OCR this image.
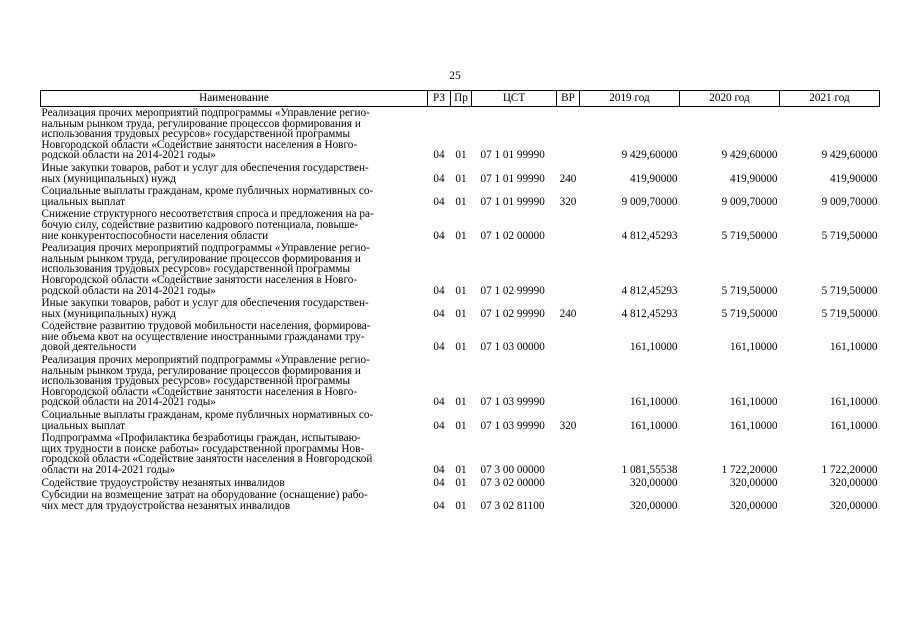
25
Наименование	РЗ	Пр	ЦСТ	ВР	2019 год	2020 год	2021 год
Реализация прочих мероприятий подпрограммы «Управление регио-
нальным рынком труда, регулирование процессов формирования и
использования трудовых ресурсов» государственной программы
Новгородской области «Содействие занятости населения в Новго-
родской области на 2014-2021 годы»	04	01	07 1 01 99990		9 429,60000	9 429,60000	9 429,60000
Иные закупки товаров, работ и услуг для обеспечения государствен-
ных (муниципальных) нужд	04	01	07 1 01 99990	240	419,90000	419,90000	419,90000
Социальные выплаты гражданам, кроме публичных нормативных со-
циальных выплат	04	01	07 1 01 99990	320	9 009,70000	9 009,70000	9 009,70000
Снижение структурного несоответствия спроса и предложения на ра-
бочую силу, содействие развитию кадрового потенциала, повыше-
ние конкурентоспособности населения области	04	01	07 1 02 00000		4 812,45293	5 719,50000	5 719,50000
Реализация прочих мероприятий подпрограммы «Управление регио-
нальным рынком труда, регулирование процессов формирования и
использования трудовых ресурсов» государственной программы
Новгородской области «Содействие занятости населения в Новго-
родской области на 2014-2021 годы»	04	01	07 1 02 99990		4 812,45293	5 719,50000	5 719,50000
Иные закупки товаров, работ и услуг для обеспечения государствен-
ных (муниципальных) нужд	04	01	07 1 02 99990	240	4 812,45293	5 719,50000	5 719,50000
Содействие развитию трудовой мобильности населения, формирова-
ние объема квот на осуществление иностранными гражданами тру-
довой деятельности	04	01	07 1 03 00000		161,10000	161,10000	161,10000
Реализация прочих мероприятий подпрограммы «Управление регио-
нальным рынком труда, регулирование процессов формирования и
использования трудовых ресурсов» государственной программы
Новгородской области «Содействие занятости населения в Новго-
родской области на 2014-2021 годы»	04	01	07 1 03 99990		161,10000	161,10000	161,10000
Социальные выплаты гражданам, кроме публичных нормативных со-
циальных выплат	04	01	07 1 03 99990	320	161,10000	161,10000	161,10000
Подпрограмма «Профилактика безработицы граждан, испытываю-
щих трудности в поиске работы» государственной программы Нов-
городской области «Содействие занятости населения в Новгородской
области на 2014-2021 годы»	04	01	07 3 00 00000		1 081,55538	1 722,20000	1 722,20000
Содействие трудоустройству незанятых инвалидов	04	01	07 3 02 00000		320,00000	320,00000	320,00000
Субсидии на возмещение затрат на оборудование (оснащение) рабо-
чих мест для трудоустройства незанятых инвалидов	04	01	07 3 02 81100		320,00000	320,00000	320,00000
